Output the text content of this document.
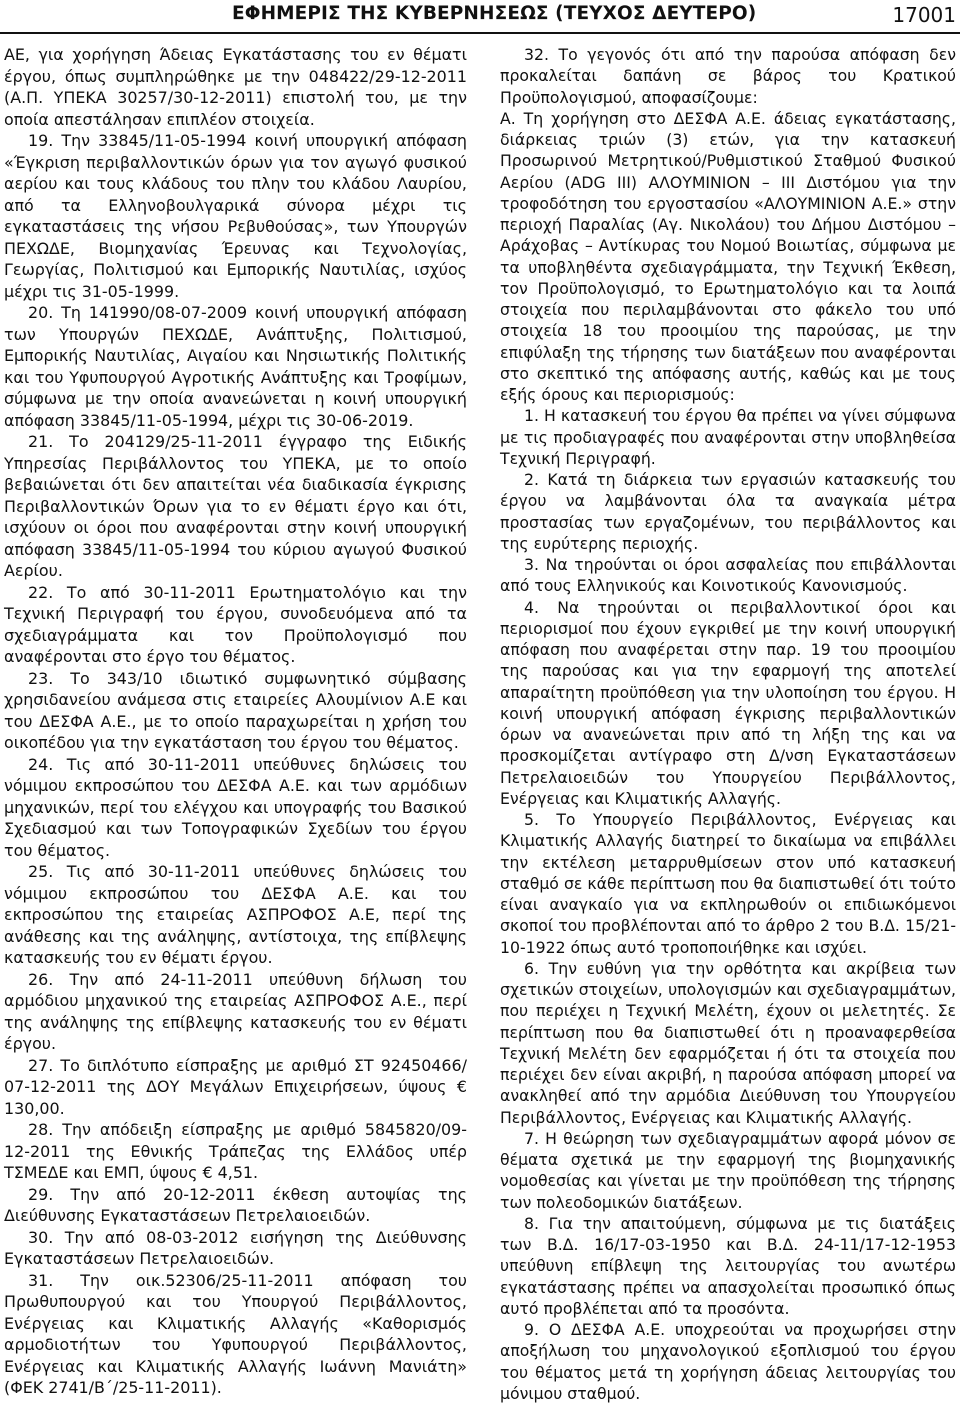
ΕΦΗΜΕΡΙΣ ΤΗΣ ΚΥΒΕΡΝΗΣΕΩΣ (ΤΕΥΧΟΣ ΔΕΥΤΕΡΟ)	17001

ΑΕ, για χορήγηση Άδειας Εγκατάστασης του εν θέματι έργου, όπως συμπληρώθηκε με την 048422/29-12-2011 (Α.Π. ΥΠΕΚΑ 30257/30-12-2011) επιστολή του, με την οποία απεστάλησαν επιπλέον στοιχεία.

19. Την 33845/11-05-1994 κοινή υπουργική απόφαση «Έγκριση περιβαλλοντικών όρων για τον αγωγό φυσικού αερίου και τους κλάδους του πλην του κλάδου Λαυρίου, από τα Ελληνοβουλγαρικά σύνορα μέχρι τις εγκαταστάσεις της νήσου Ρεβυθούσας», των Υπουργών ΠΕΧΩΔΕ, Βιομηχανίας Έρευνας και Τεχνολογίας, Γεωργίας, Πολιτισμού και Εμπορικής Ναυτιλίας, ισχύος μέχρι τις 31-05-1999.

20. Τη 141990/08-07-2009 κοινή υπουργική απόφαση των Υπουργών ΠΕΧΩΔΕ, Ανάπτυξης, Πολιτισμού, Εμπορικής Ναυτιλίας, Αιγαίου και Νησιωτικής Πολιτικής και του Υφυπουργού Αγροτικής Ανάπτυξης και Τροφίμων, σύμφωνα με την οποία ανανεώνεται η κοινή υπουργική απόφαση 33845/11-05-1994, μέχρι τις 30-06-2019.

21. Το 204129/25-11-2011 έγγραφο της Ειδικής Υπηρεσίας Περιβάλλοντος του ΥΠΕΚΑ, με το οποίο βεβαιώνεται ότι δεν απαιτείται νέα διαδικασία έγκρισης Περιβαλλοντικών Όρων για το εν θέματι έργο και ότι, ισχύουν οι όροι που αναφέρονται στην κοινή υπουργική απόφαση 33845/11-05-1994 του κύριου αγωγού Φυσικού Αερίου.

22. Το από 30-11-2011 Ερωτηματολόγιο και την Τεχνική Περιγραφή του έργου, συνοδευόμενα από τα σχεδιαγράμματα και τον Προϋπολογισμό που αναφέρονται στο έργο του θέματος.

23. Το 343/10 ιδιωτικό συμφωνητικό σύμβασης χρησιδανείου ανάμεσα στις εταιρείες Αλουμίνιον Α.Ε και του ΔΕΣΦΑ Α.Ε., με το οποίο παραχωρείται η χρήση του οικοπέδου για την εγκατάσταση του έργου του θέματος.

24. Τις από 30-11-2011 υπεύθυνες δηλώσεις του νόμιμου εκπροσώπου του ΔΕΣΦΑ Α.Ε. και των αρμόδιων μηχανικών, περί του ελέγχου και υπογραφής του Βασικού Σχεδιασμού και των Τοπογραφικών Σχεδίων του έργου του θέματος.

25. Τις από 30-11-2011 υπεύθυνες δηλώσεις του νόμιμου εκπροσώπου του ΔΕΣΦΑ Α.Ε. και του εκπροσώπου της εταιρείας ΑΣΠΡΟΦΟΣ Α.Ε, περί της ανάθεσης και της ανάληψης, αντίστοιχα, της επίβλεψης κατασκευής του εν θέματι έργου.

26. Την από 24-11-2011 υπεύθυνη δήλωση του αρμόδιου μηχανικού της εταιρείας ΑΣΠΡΟΦΟΣ Α.Ε., περί της ανάληψης της επίβλεψης κατασκευής του εν θέματι έργου.

27. Το διπλότυπο είσπραξης με αριθμό ΣΤ 92450466/ 07-12-2011 της ΔΟΥ Μεγάλων Επιχειρήσεων, ύψους € 130,00.

28. Την απόδειξη είσπραξης με αριθμό 5845820/09-12-2011 της Εθνικής Τράπεζας της Ελλάδος υπέρ ΤΣΜΕΔΕ και ΕΜΠ, ύψους € 4,51.

29. Την από 20-12-2011 έκθεση αυτοψίας της Διεύθυνσης Εγκαταστάσεων Πετρελαιοειδών.

30. Την από 08-03-2012 εισήγηση της Διεύθυνσης Εγκαταστάσεων Πετρελαιοειδών.

31. Την οικ.52306/25-11-2011 απόφαση του Πρωθυπουργού και του Υπουργού Περιβάλλοντος, Ενέργειας και Κλιματικής Αλλαγής «Καθορισμός αρμοδιοτήτων του Υφυπουργού Περιβάλλοντος, Ενέργειας και Κλιματικής Αλλαγής Ιωάννη Μανιάτη» (ΦΕΚ 2741/Β΄/25-11-2011).

32. Το γεγονός ότι από την παρούσα απόφαση δεν προκαλείται δαπάνη σε βάρος του Κρατικού Προϋπολογισμού, αποφασίζουμε:

Α. Τη χορήγηση στο ΔΕΣΦΑ Α.Ε. άδειας εγκατάστασης, διάρκειας τριών (3) ετών, για την κατασκευή Προσωρινού Μετρητικού/Ρυθμιστικού Σταθμού Φυσικού Αερίου (ADG III) ΑΛΟΥΜΙΝΙΟΝ – III Διστόμου για την τροφοδότηση του εργοστασίου «ΑΛΟΥΜΙΝΙΟΝ Α.Ε.» στην περιοχή Παραλίας (Αγ. Νικολάου) του Δήμου Διστόμου – Αράχοβας – Αντίκυρας του Νομού Βοιωτίας, σύμφωνα με τα υποβληθέντα σχεδιαγράμματα, την Τεχνική Έκθεση, τον Προϋπολογισμό, το Ερωτηματολόγιο και τα λοιπά στοιχεία που περιλαμβάνονται στο φάκελο του υπό στοιχεία 18 του προοιμίου της παρούσας, με την επιφύλαξη της τήρησης των διατάξεων που αναφέρονται στο σκεπτικό της απόφασης αυτής, καθώς και με τους εξής όρους και περιορισμούς:

1. Η κατασκευή του έργου θα πρέπει να γίνει σύμφωνα με τις προδιαγραφές που αναφέρονται στην υποβληθείσα Τεχνική Περιγραφή.

2. Κατά τη διάρκεια των εργασιών κατασκευής του έργου να λαμβάνονται όλα τα αναγκαία μέτρα προστασίας των εργαζομένων, του περιβάλλοντος και της ευρύτερης περιοχής.

3. Να τηρούνται οι όροι ασφαλείας που επιβάλλονται από τους Ελληνικούς και Κοινοτικούς Κανονισμούς.

4. Να τηρούνται οι περιβαλλοντικοί όροι και περιορισμοί που έχουν εγκριθεί με την κοινή υπουργική απόφαση που αναφέρεται στην παρ. 19 του προοιμίου της παρούσας και για την εφαρμογή της αποτελεί απαραίτητη προϋπόθεση για την υλοποίηση του έργου. Η κοινή υπουργική απόφαση έγκρισης περιβαλλοντικών όρων να ανανεώνεται πριν από τη λήξη της και να προσκομίζεται αντίγραφο στη Δ/νση Εγκαταστάσεων Πετρελαιοειδών του Υπουργείου Περιβάλλοντος, Ενέργειας και Κλιματικής Αλλαγής.

5. Το Υπουργείο Περιβάλλοντος, Ενέργειας και Κλιματικής Αλλαγής διατηρεί το δικαίωμα να επιβάλλει την εκτέλεση μεταρρυθμίσεων στον υπό κατασκευή σταθμό σε κάθε περίπτωση που θα διαπιστωθεί ότι τούτο είναι αναγκαίο για να εκπληρωθούν οι επιδιωκόμενοι σκοποί του προβλέπονται από το άρθρο 2 του Β.Δ. 15/21-10-1922 όπως αυτό τροποποιήθηκε και ισχύει.

6. Την ευθύνη για την ορθότητα και ακρίβεια των σχετικών στοιχείων, υπολογισμών και σχεδιαγραμμάτων, που περιέχει η Τεχνική Μελέτη, έχουν οι μελετητές. Σε περίπτωση που θα διαπιστωθεί ότι η προαναφερθείσα Τεχνική Μελέτη δεν εφαρμόζεται ή ότι τα στοιχεία που περιέχει δεν είναι ακριβή, η παρούσα απόφαση μπορεί να ανακληθεί από την αρμόδια Διεύθυνση του Υπουργείου Περιβάλλοντος, Ενέργειας και Κλιματικής Αλλαγής.

7. Η θεώρηση των σχεδιαγραμμάτων αφορά μόνον σε θέματα σχετικά με την εφαρμογή της βιομηχανικής νομοθεσίας και γίνεται με την προϋπόθεση της τήρησης των πολεοδομικών διατάξεων.

8. Για την απαιτούμενη, σύμφωνα με τις διατάξεις των Β.Δ. 16/17-03-1950 και Β.Δ. 24-11/17-12-1953 υπεύθυνη επίβλεψη της λειτουργίας του ανωτέρω εγκατάστασης πρέπει να απασχολείται προσωπικό όπως αυτό προβλέπεται από τα προσόντα.

9. Ο ΔΕΣΦΑ Α.Ε. υποχρεούται να προχωρήσει στην αποξήλωση του μηχανολογικού εξοπλισμού του έργου του θέματος μετά τη χορήγηση άδειας λειτουργίας του μόνιμου σταθμού.
